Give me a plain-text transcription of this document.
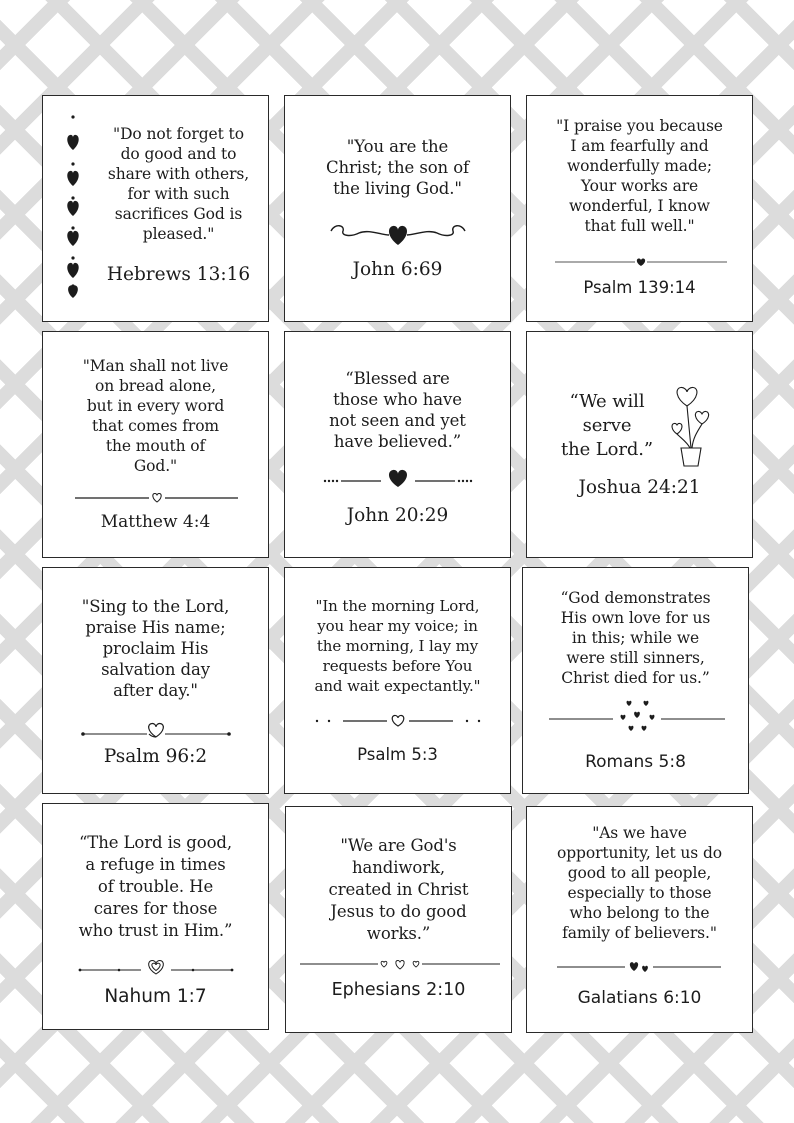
"Do not forget to
do good and to
share with others,
for with such
sacrifices God is
pleased."
Hebrews 13:16
"You are the
Christ; the son of
the living God."
John 6:69
"I praise you because
I am fearfully and
wonderfully made;
Your works are
wonderful, I know
that full well."
Psalm 139:14
"Man shall not live
on bread alone,
but in every word
that comes from
the mouth of
God."
Matthew 4:4
“Blessed are
those who have
not seen and yet
have believed.”
John 20:29
“We will
serve
the Lord.”
Joshua 24:21
"Sing to the Lord,
praise His name;
proclaim His
salvation day
after day."
Psalm 96:2
"In the morning Lord,
you hear my voice; in
the morning, I lay my
requests before You
and wait expectantly."
Psalm 5:3
“God demonstrates
His own love for us
in this; while we
were still sinners,
Christ died for us.”
Romans 5:8
“The Lord is good,
a refuge in times
of trouble. He
cares for those
who trust in Him.”
Nahum 1:7
"We are God's
handiwork,
created in Christ
Jesus to do good
works.”
Ephesians 2:10
"As we have
opportunity, let us do
good to all people,
especially to those
who belong to the
family of believers."
Galatians 6:10
